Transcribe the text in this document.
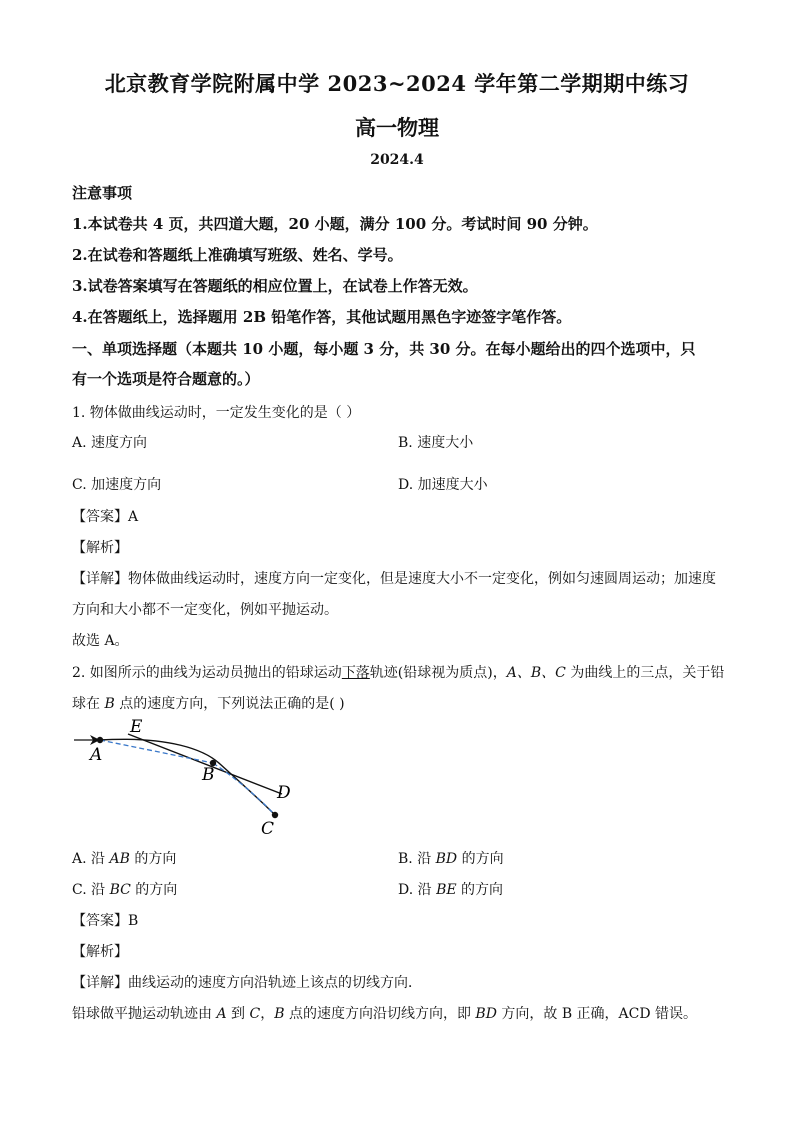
北京教育学院附属中学 2023~2024 学年第二学期期中练习
高一物理
2024.4
注意事项
1.本试卷共 4 页，共四道大题，20 小题，满分 100 分。考试时间 90 分钟。
2.在试卷和答题纸上准确填写班级、姓名、学号。
3.试卷答案填写在答题纸的相应位置上，在试卷上作答无效。
4.在答题纸上，选择题用 2B 铅笔作答，其他试题用黑色字迹签字笔作答。
一、单项选择题（本题共 10 小题，每小题 3 分，共 30 分。在每小题给出的四个选项中，只
有一个选项是符合题意的。）
1. 物体做曲线运动时，一定发生变化的是（ ）
A. 速度方向	B. 速度大小
C. 加速度方向	D. 加速度大小
【答案】A
【解析】
【详解】物体做曲线运动时，速度方向一定变化，但是速度大小不一定变化，例如匀速圆周运动；加速度
方向和大小都不一定变化，例如平抛运动。
故选 A。
2. 如图所示的曲线为运动员抛出的铅球运动下落轨迹(铅球视为质点)，A、B、C 为曲线上的三点，关于铅
球在 B 点的速度方向，下列说法正确的是( )
E
A
B
D
C
A. 沿 AB 的方向	B. 沿 BD 的方向
C. 沿 BC 的方向	D. 沿 BE 的方向
【答案】B
【解析】
【详解】曲线运动的速度方向沿轨迹上该点的切线方向．
铅球做平抛运动轨迹由 A 到 C，B 点的速度方向沿切线方向，即 BD 方向，故 B 正确，ACD 错误。
